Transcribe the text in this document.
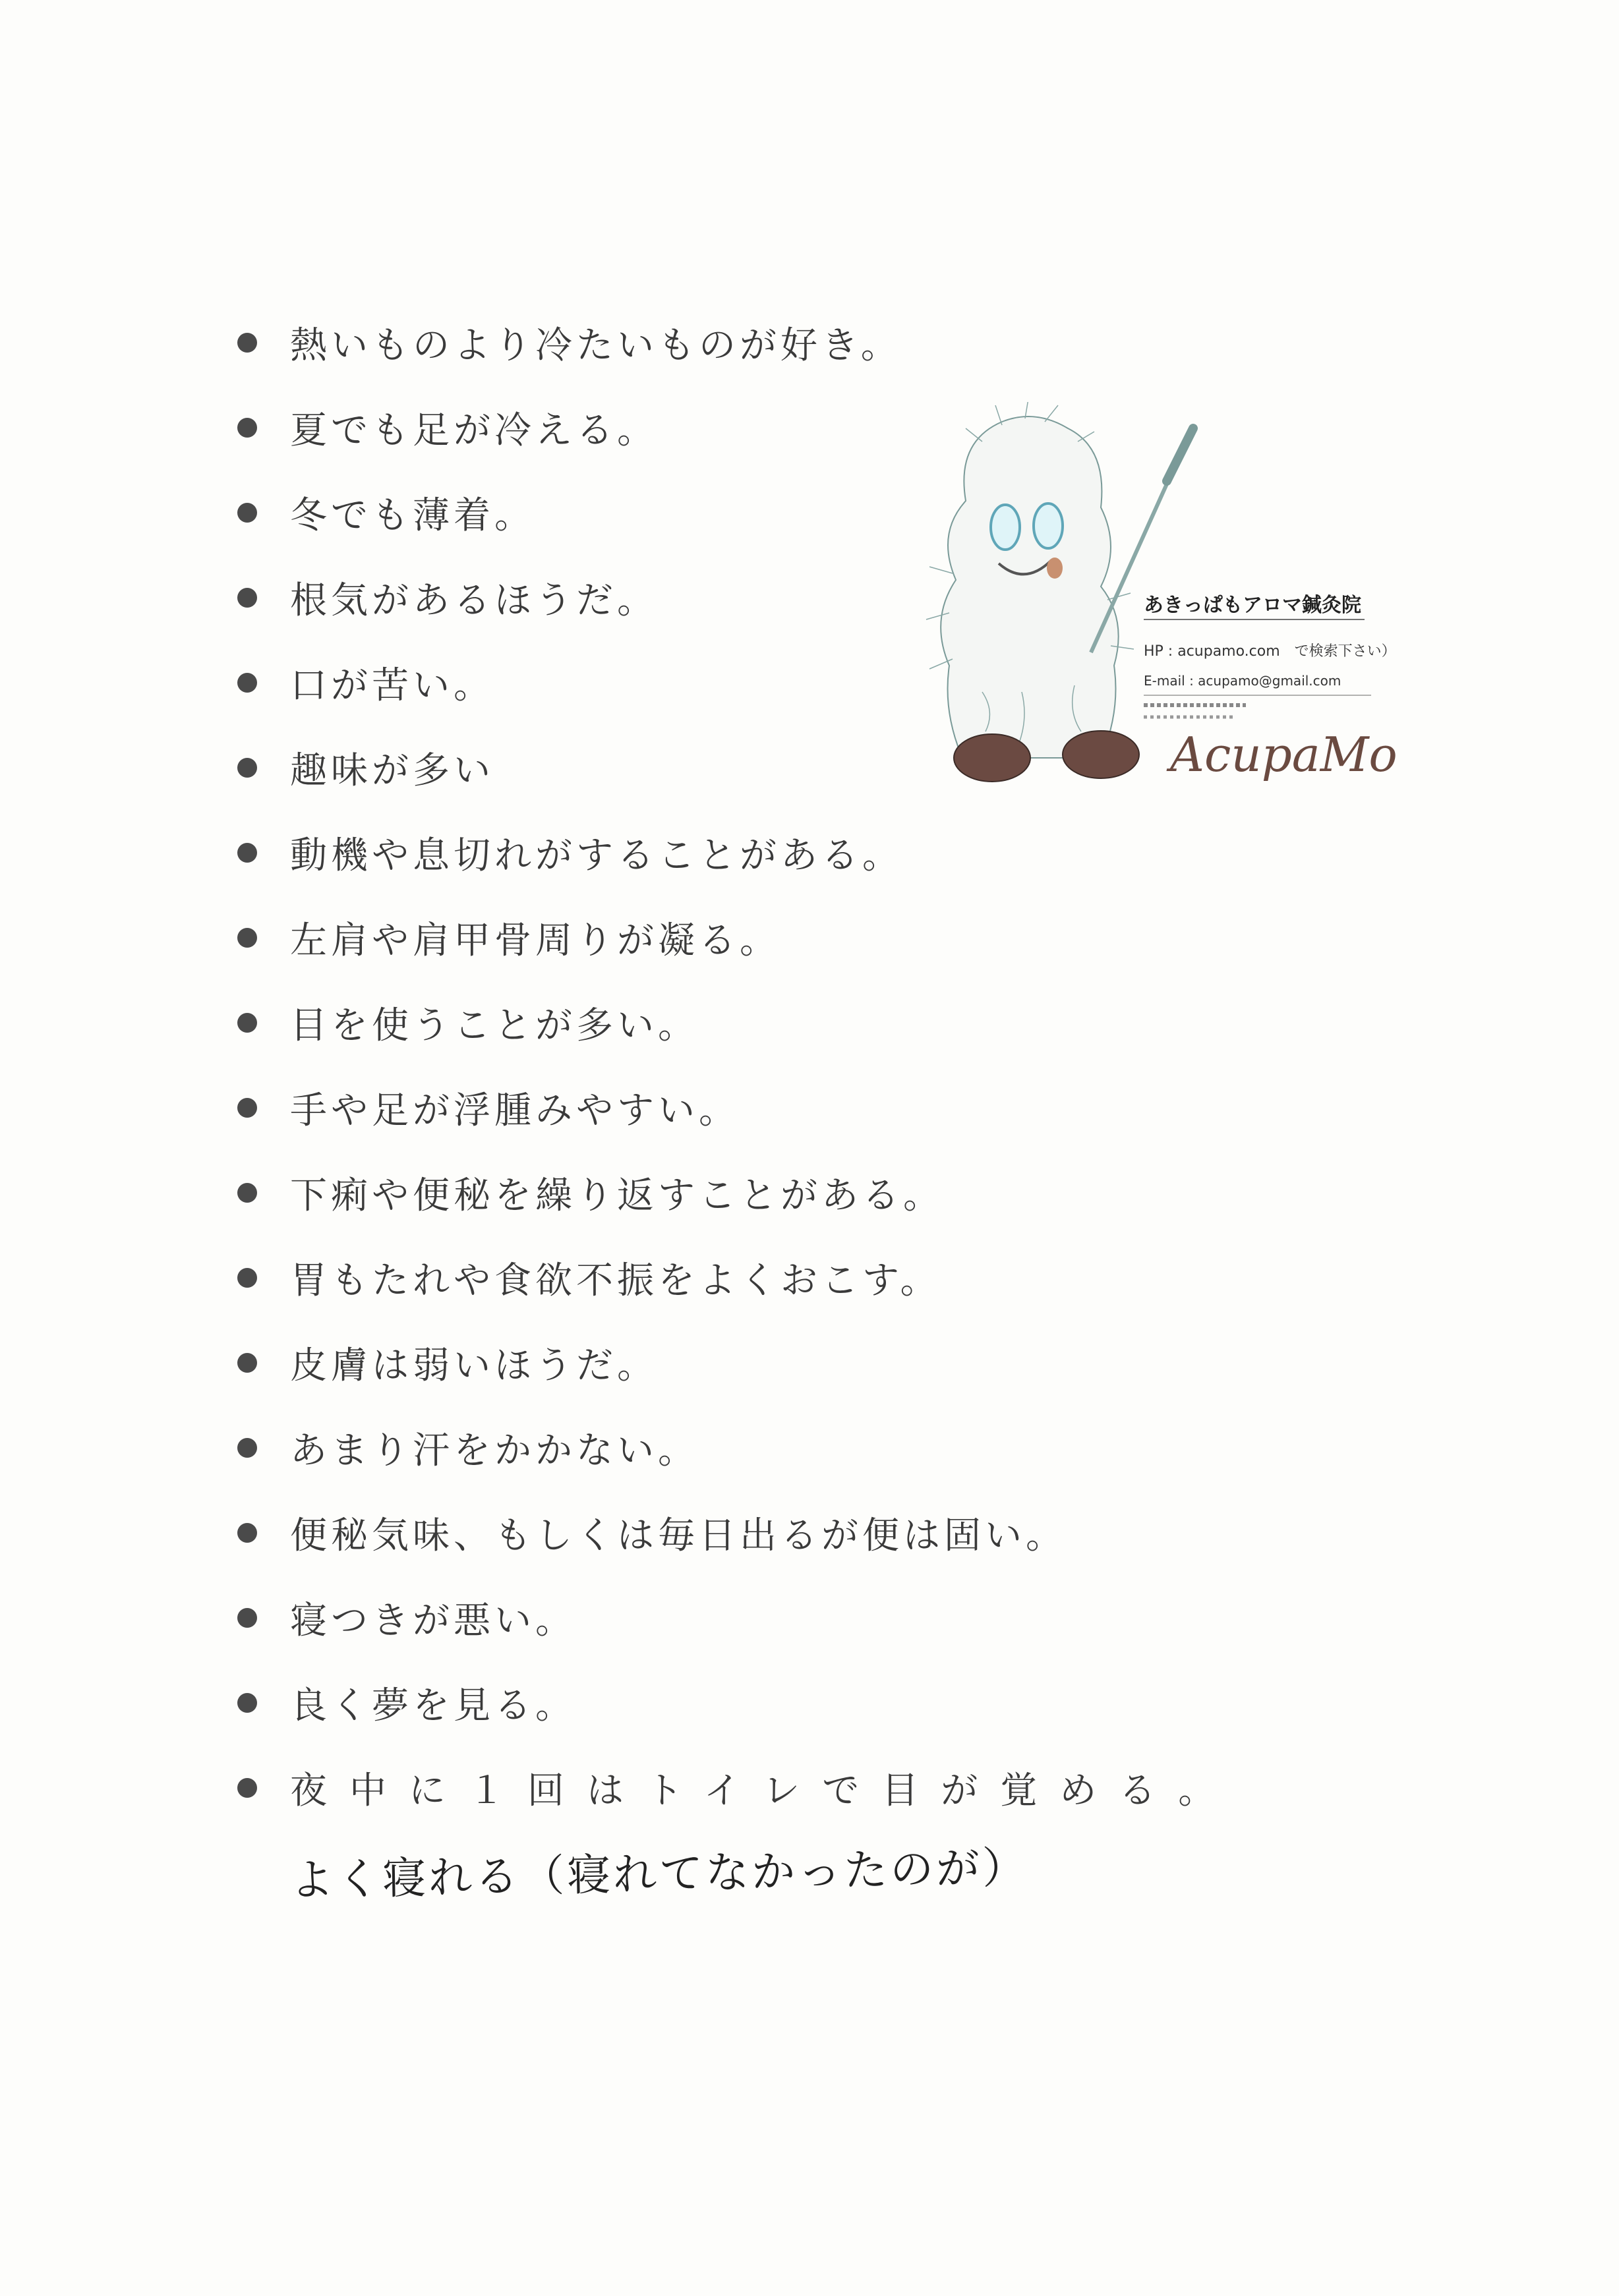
熱いものより冷たいものが好き。
夏でも足が冷える。
冬でも薄着。
根気があるほうだ。
口が苦い。
趣味が多い
動機や息切れがすることがある。
左肩や肩甲骨周りが凝る。
目を使うことが多い。
手や足が浮腫みやすい。
下痢や便秘を繰り返すことがある。
胃もたれや食欲不振をよくおこす。
皮膚は弱いほうだ。
あまり汗をかかない。
便秘気味、もしくは毎日出るが便は固い。
寝つきが悪い。
良く夢を見る。
夜中に１回はトイレで目が覚める。
よく寝れる（寝れてなかったのが）
あきっぱもアロマ鍼灸院
HP : acupamo.com　で検索下さい）
E-mail : acupamo@gmail.com
AcupaMo
